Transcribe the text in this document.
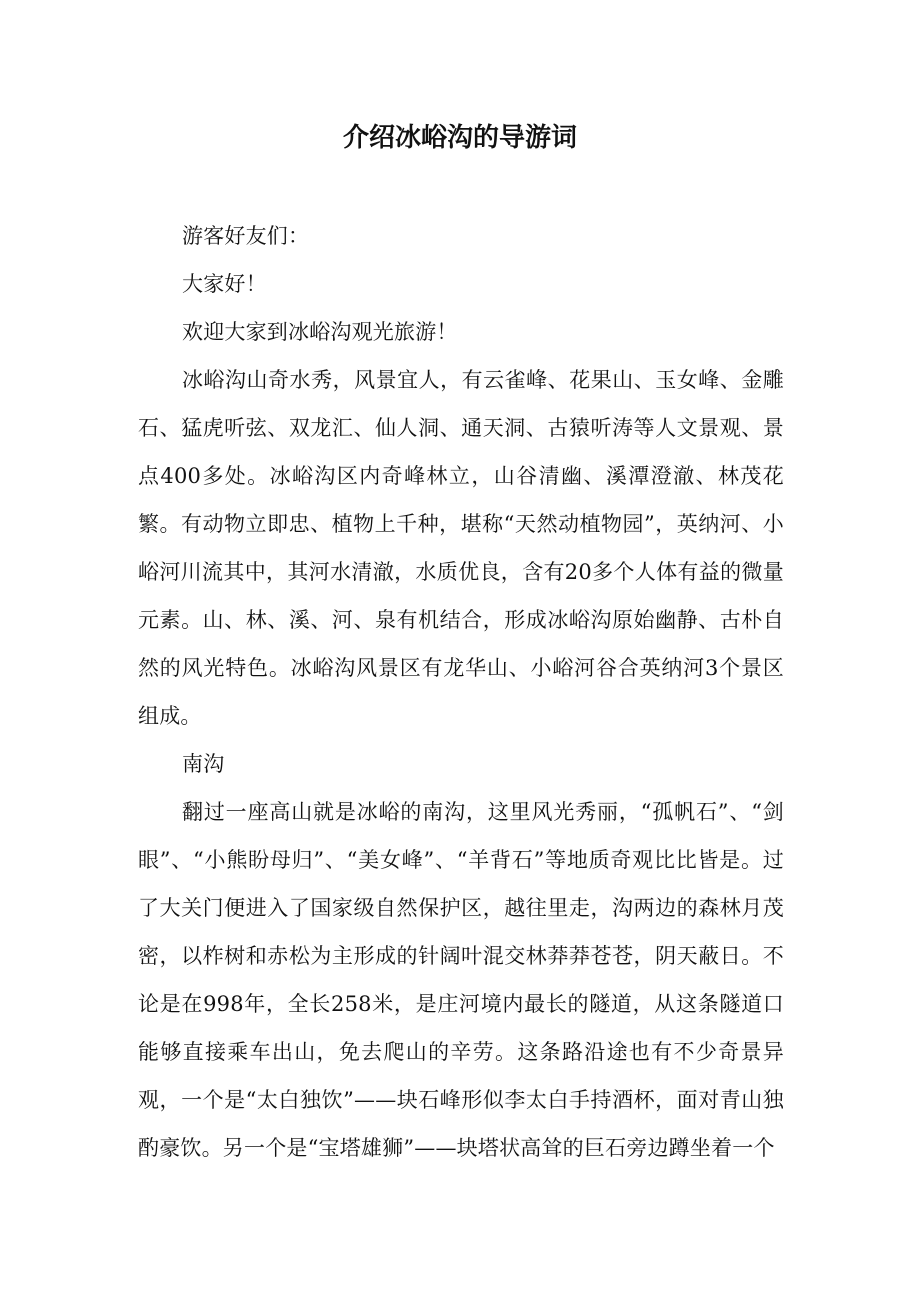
介绍冰峪沟的导游词

游客好友们：

大家好！

欢迎大家到冰峪沟观光旅游！

冰峪沟山奇水秀，风景宜人，有云雀峰、花果山、玉女峰、金雕石、猛虎听弦、双龙汇、仙人洞、通天洞、古猿听涛等人文景观、景点400多处。冰峪沟区内奇峰林立，山谷清幽、溪潭澄澈、林茂花繁。有动物立即忠、植物上千种，堪称“天然动植物园”，英纳河、小峪河川流其中，其河水清澈，水质优良，含有20多个人体有益的微量元素。山、林、溪、河、泉有机结合，形成冰峪沟原始幽静、古朴自然的风光特色。冰峪沟风景区有龙华山、小峪河谷合英纳河3个景区组成。

南沟

翻过一座高山就是冰峪的南沟，这里风光秀丽，“孤帆石”、“剑眼”、“小熊盼母归”、“美女峰”、“羊背石”等地质奇观比比皆是。过了大关门便进入了国家级自然保护区，越往里走，沟两边的森林月茂密，以柞树和赤松为主形成的针阔叶混交林莽莽苍苍，阴天蔽日。不论是在998年，全长258米，是庄河境内最长的隧道，从这条隧道口能够直接乘车出山，免去爬山的辛劳。这条路沿途也有不少奇景异观，一个是“太白独饮”——块石峰形似李太白手持酒杯，面对青山独酌豪饮。另一个是“宝塔雄狮”——块塔状高耸的巨石旁边蹲坐着一个
